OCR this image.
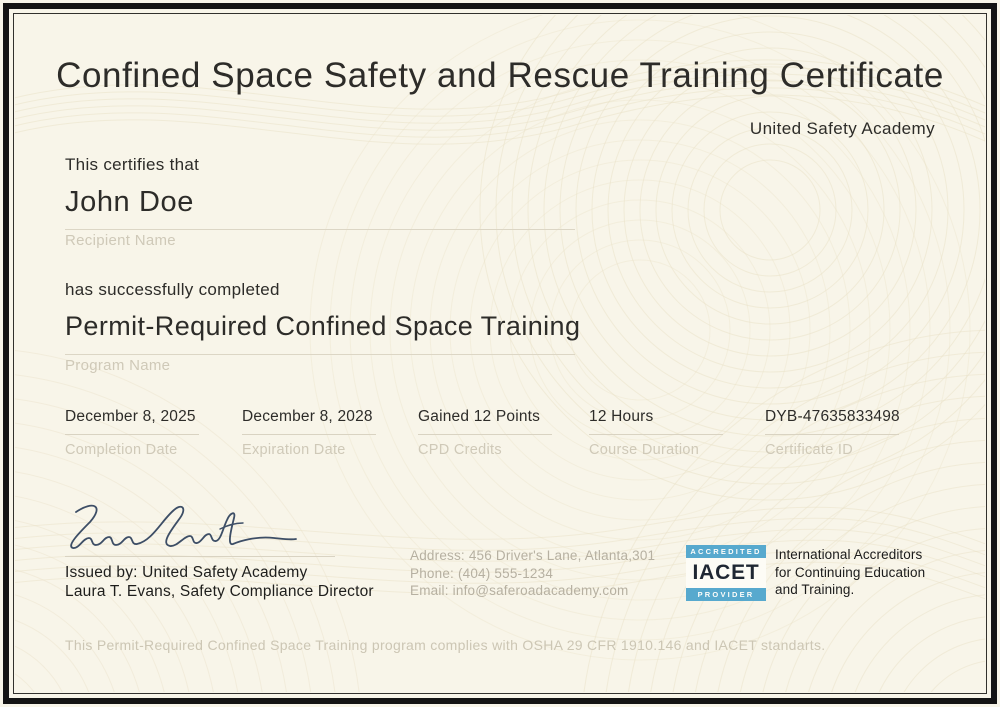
Confined Space Safety and Rescue Training Certificate
United Safety Academy
This certifies that
John Doe
Recipient Name
has successfully completed
Permit-Required Confined Space Training
Program Name
December 8, 2025
Completion Date
December 8, 2028
Expiration Date
Gained 12 Points
CPD Credits
12 Hours
Course Duration
DYB-47635833498
Certificate ID
Issued by: United Safety Academy
Laura T. Evans, Safety Compliance Director
Address: 456 Driver's Lane, Atlanta,301
Phone: (404) 555-1234
Email: info@saferoadacademy.com
ACCREDITED
IACET
PROVIDER
International Accreditors
for Continuing Education
and Training.
This Permit-Required Confined Space Training program complies with OSHA 29 CFR 1910.146 and IACET standarts.
